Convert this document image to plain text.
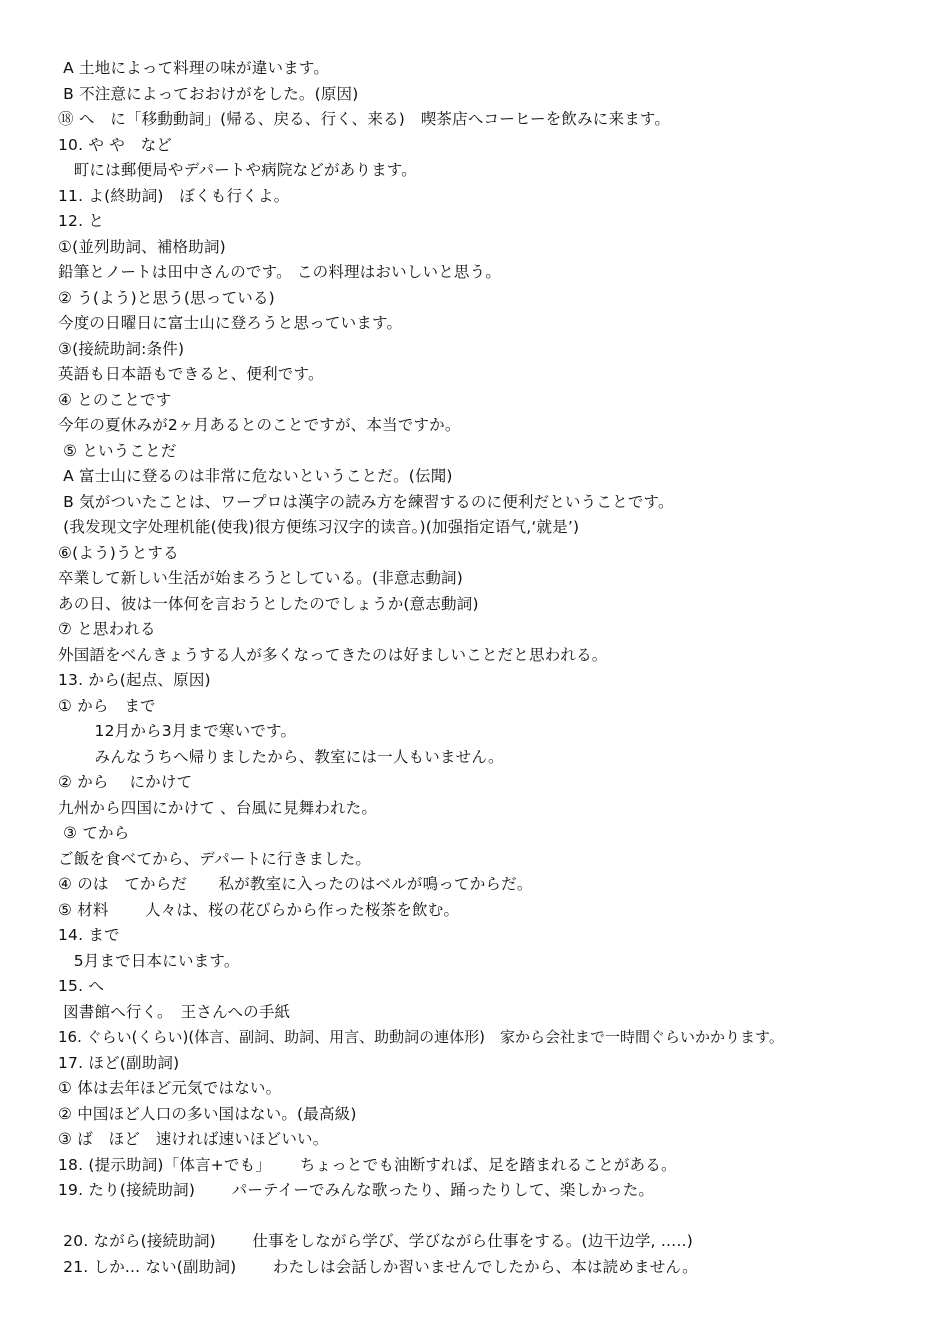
A 土地によって料理の味が違います。
B 不注意によっておおけがをした。(原因)
⑱ へ　に「移動動詞」(帰る、戻る、行く、来る)　喫茶店へコーヒーを飲みに来ます。
10. や や　など
　町には郵便局やデパートや病院などがあります。
11. よ(終助詞)　ぼくも行くよ。
12. と
①(並列助詞、補格助詞)
鉛筆とノートは田中さんのです。 この料理はおいしいと思う。
② う(よう)と思う(思っている)
今度の日曜日に富士山に登ろうと思っています。
③(接続助詞:条件)
英語も日本語もできると、便利です。
④ とのことです
今年の夏休みが2ヶ月あるとのことですが、本当ですか。
⑤ ということだ
A 富士山に登るのは非常に危ないということだ。(伝聞)
B 気がついたことは、ワープロは漢字の読み方を練習するのに便利だということです。
(我发现文字处理机能(使我)很方便练习汉字的读音。)(加强指定语气,‘就是’)
⑥(よう)うとする
卒業して新しい生活が始まろうとしている。(非意志動詞)
あの日、彼は一体何を言おうとしたのでしょうか(意志動詞)
⑦ と思われる
外国語をべんきょうする人が多くなってきたのは好ましいことだと思われる。
13. から(起点、原因)
① から　まで
　　 12月から3月まで寒いです。
　　 みんなうちへ帰りましたから、教室には一人もいません。
② から　 にかけて
九州から四国にかけて 、台風に見舞われた。
③ てから
ご飯を食べてから、デパートに行きました。
④ のは　てからだ　　私が教室に入ったのはベルが鳴ってからだ。
⑤ 材料　　 人々は、桜の花びらから作った桜茶を飲む。
14. まで
　5月まで日本にいます。
15. へ
図書館へ行く。　王さんへの手紙
16. ぐらい(くらい)(体言、副詞、助詞、用言、助動詞の連体形)　家から会社まで一時間ぐらいかかります。
17. ほど(副助詞)
① 体は去年ほど元気ではない。
② 中国ほど人口の多い国はない。(最高級)
③ ば　ほど　速ければ速いほどいい。
18. (提示助詞)「体言+でも」　　 ちょっとでも油断すれば、足を踏まれることがある。
19. たり(接続助詞)　　 パーテイーでみんな歌ったり、踊ったりして、楽しかった。
20. ながら(接続助詞)　　 仕事をしながら学び、学びながら仕事をする。(边干边学, …..)
21. しか... ない(副助詞)　　 わたしは会話しか習いませんでしたから、本は読めません。
